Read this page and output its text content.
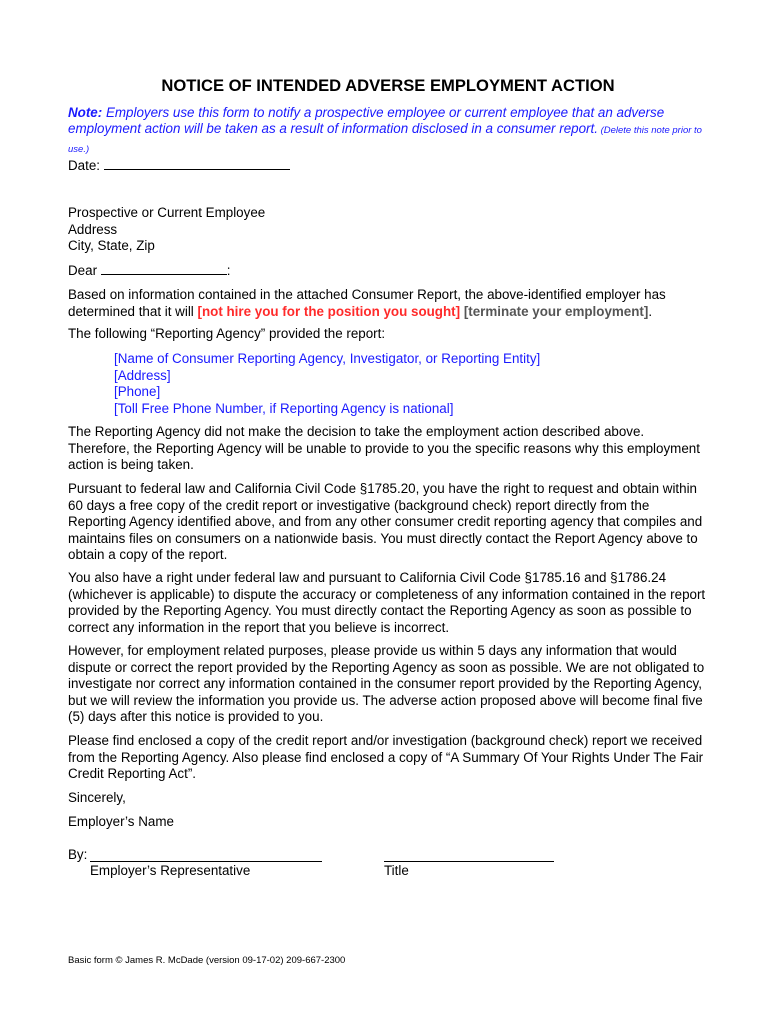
NOTICE OF INTENDED ADVERSE EMPLOYMENT ACTION
Note: Employers use this form to notify a prospective employee or current employee that an adverse employment action will be taken as a result of information disclosed in a consumer report. (Delete this note prior to use.)
Date:

Prospective or Current Employee

Address

City, State, Zip

Dear	:
Based on information contained in the attached Consumer Report, the above-identified employer has determined that it will [not hire you for the position you sought] [terminate your employment].
The following “Reporting Agency” provided the report:

[Name of Consumer Reporting Agency, Investigator, or Reporting Entity]

[Address]

[Phone]

[Toll Free Phone Number, if Reporting Agency is national]

The Reporting Agency did not make the decision to take the employment action described above. Therefore, the Reporting Agency will be unable to provide to you the specific reasons why this employment action is being taken.
Pursuant to federal law and California Civil Code §1785.20, you have the right to request and obtain within 60 days a free copy of the credit report or investigative (background check) report directly from the Reporting Agency identified above, and from any other consumer credit reporting agency that compiles and maintains files on consumers on a nationwide basis. You must directly contact the Report Agency above to obtain a copy of the report.
You also have a right under federal law and pursuant to California Civil Code §1785.16 and §1786.24 (whichever is applicable) to dispute the accuracy or completeness of any information contained in the report provided by the Reporting Agency. You must directly contact the Reporting Agency as soon as possible to correct any information in the report that you believe is incorrect.
However, for employment related purposes, please provide us within 5 days any information that would dispute or correct the report provided by the Reporting Agency as soon as possible. We are not obligated to investigate nor correct any information contained in the consumer report provided by the Reporting Agency, but we will review the information you provide us. The adverse action proposed above will become final five (5) days after this notice is provided to you.
Please find enclosed a copy of the credit report and/or investigation (background check) report we received from the Reporting Agency. Also please find enclosed a copy of “A Summary Of Your Rights Under The Fair Credit Reporting Act”.
Sincerely,
Employer’s Name
By:
Employer’s Representative	Title
Basic form © James R. McDade (version 09-17-02) 209-667-2300
